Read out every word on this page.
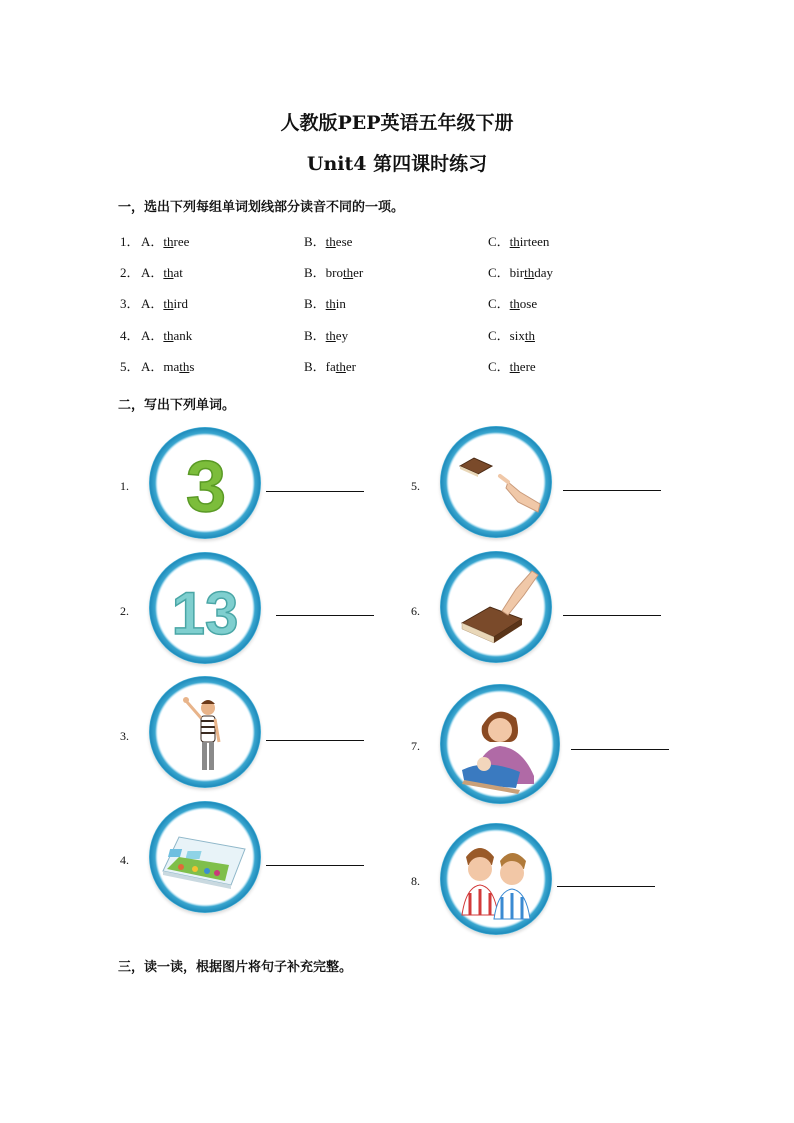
人教版PEP英语五年级下册
Unit4 第四课时练习
一，选出下列每组单词划线部分读音不同的一项。
1． A．three	B．these	C．thirteen
2． A．that	B．brother	C．birthday
3． A．third	B．thin	C．those
4． A．thank	B．they	C．sixth
5． A．maths	B．father	C．there
二，写出下列单词。
1. 3
2. 13
3.
4.
5.
6.
7.
8.
三，读一读，根据图片将句子补充完整。
